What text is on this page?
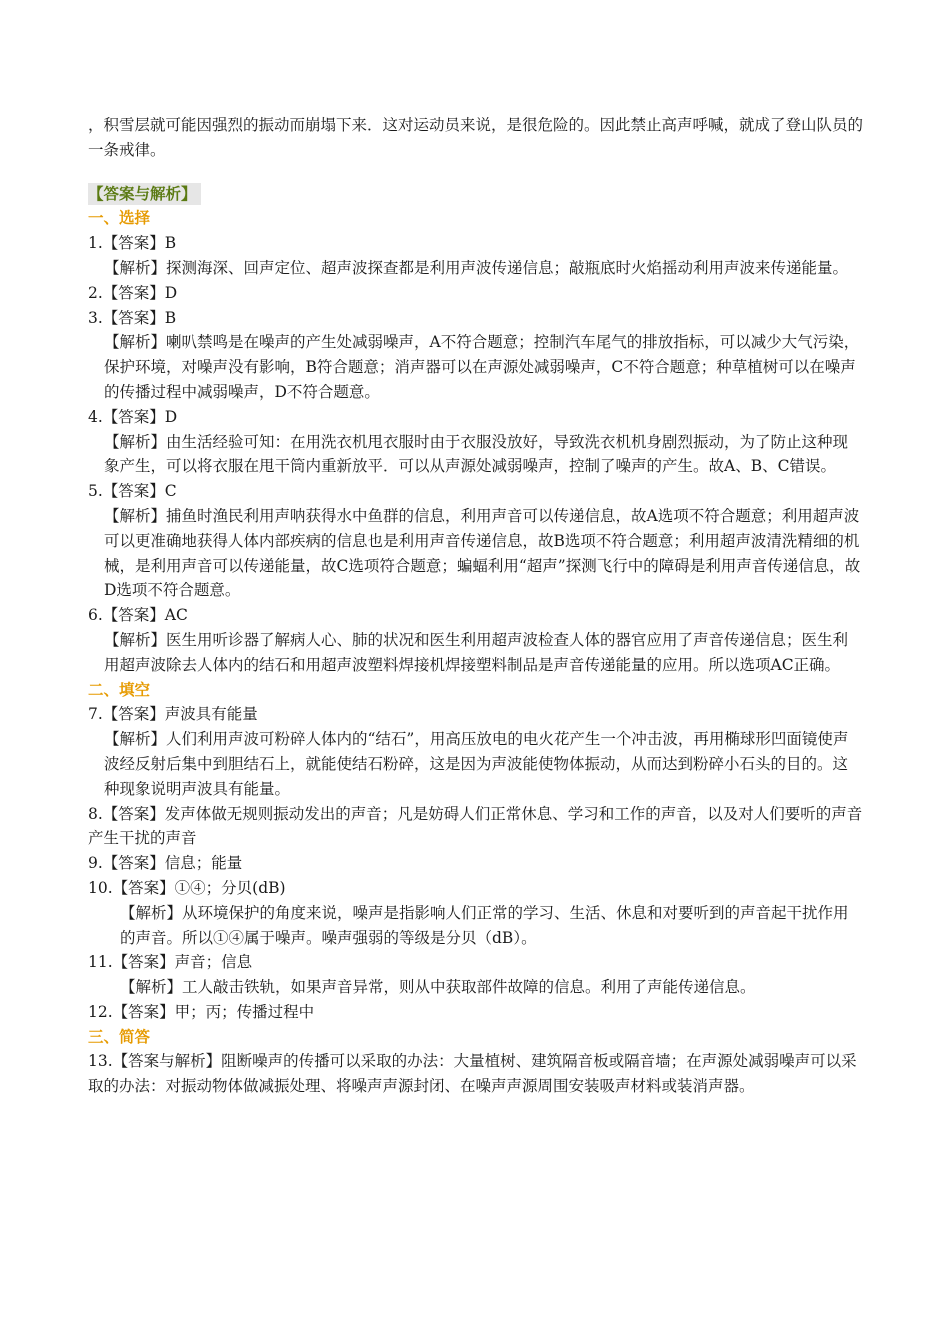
，积雪层就可能因强烈的振动而崩塌下来．这对运动员来说，是很危险的。因此禁止高声呼喊，就成了登山队员的一条戒律。

【答案与解析】

一、选择

1.【答案】B

【解析】探测海深、回声定位、超声波探查都是利用声波传递信息；敲瓶底时火焰摇动利用声波来传递能量。

2.【答案】D

3.【答案】B

【解析】喇叭禁鸣是在噪声的产生处减弱噪声，A不符合题意；控制汽车尾气的排放指标，可以减少大气污染，保护环境，对噪声没有影响，B符合题意；消声器可以在声源处减弱噪声，C不符合题意；种草植树可以在噪声的传播过程中减弱噪声，D不符合题意。

4.【答案】D

【解析】由生活经验可知：在用洗衣机甩衣服时由于衣服没放好，导致洗衣机机身剧烈振动，为了防止这种现象产生，可以将衣服在甩干筒内重新放平．可以从声源处减弱噪声，控制了噪声的产生。故A、B、C错误。

5.【答案】C

【解析】捕鱼时渔民利用声呐获得水中鱼群的信息，利用声音可以传递信息，故A选项不符合题意；利用超声波可以更准确地获得人体内部疾病的信息也是利用声音传递信息，故B选项不符合题意；利用超声波清洗精细的机械，是利用声音可以传递能量，故C选项符合题意；蝙蝠利用“超声”探测飞行中的障碍是利用声音传递信息，故D选项不符合题意。

6.【答案】AC

【解析】医生用听诊器了解病人心、肺的状况和医生利用超声波检查人体的器官应用了声音传递信息；医生利用超声波除去人体内的结石和用超声波塑料焊接机焊接塑料制品是声音传递能量的应用。所以选项AC正确。

二、填空

7.【答案】声波具有能量

【解析】人们利用声波可粉碎人体内的“结石”，用高压放电的电火花产生一个冲击波，再用椭球形凹面镜使声波经反射后集中到胆结石上，就能使结石粉碎，这是因为声波能使物体振动，从而达到粉碎小石头的目的。这种现象说明声波具有能量。

8.【答案】发声体做无规则振动发出的声音；凡是妨碍人们正常休息、学习和工作的声音，以及对人们要听的声音产生干扰的声音

9.【答案】信息；能量

10.【答案】①④；分贝(dB)

【解析】从环境保护的角度来说，噪声是指影响人们正常的学习、生活、休息和对要听到的声音起干扰作用的声音。所以①④属于噪声。噪声强弱的等级是分贝（dB）。

11.【答案】声音；信息

【解析】工人敲击铁轨，如果声音异常，则从中获取部件故障的信息。利用了声能传递信息。

12.【答案】甲；丙；传播过程中

三、简答

13.【答案与解析】阻断噪声的传播可以采取的办法：大量植树、建筑隔音板或隔音墙；在声源处减弱噪声可以采取的办法：对振动物体做减振处理、将噪声声源封闭、在噪声声源周围安装吸声材料或装消声器。
